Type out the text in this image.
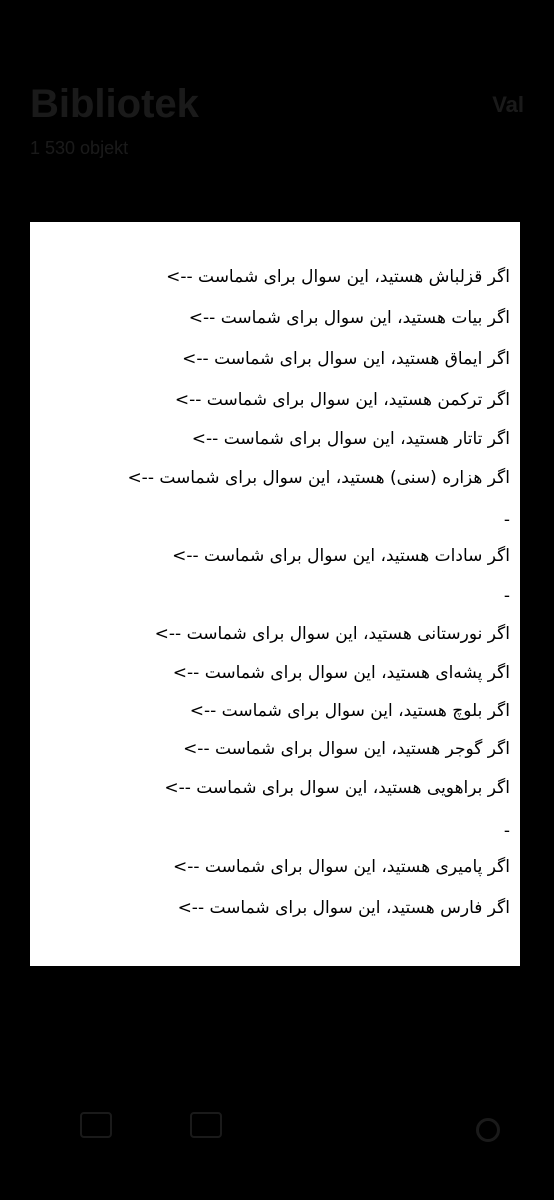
Bibliotek
1 530 objekt
Val
اگر قزلباش هستید، این سوال برای شماست -->
اگر بیات هستید، این سوال برای شماست -->
اگر ایماق هستید، این سوال برای شماست -->
اگر ترکمن هستید، این سوال برای شماست -->
اگر تاتار هستید، این سوال برای شماست -->
اگر هزاره (سنی) هستید، این سوال برای شماست -->
-
اگر سادات هستید، این سوال برای شماست -->
-
اگر نورستانی هستید، این سوال برای شماست -->
اگر پشه‌ای هستید، این سوال برای شماست -->
اگر بلوچ هستید، این سوال برای شماست -->
اگر گوجر هستید، این سوال برای شماست -->
اگر براهویی هستید، این سوال برای شماست -->
-
اگر پامیری هستید، این سوال برای شماست -->
اگر فارس هستید، این سوال برای شماست -->
